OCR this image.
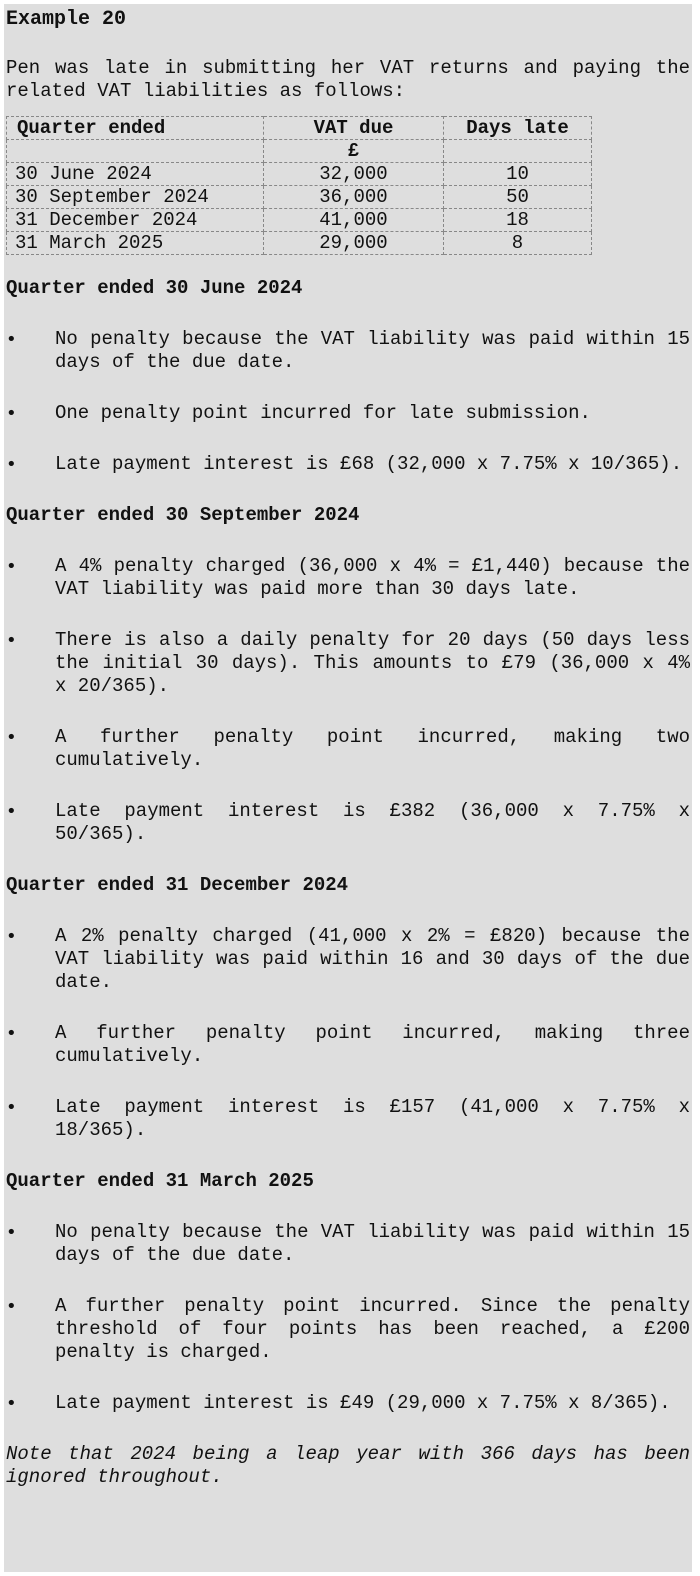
Example 20
Pen was late in submitting her VAT returns and paying the related VAT liabilities as follows:
Quarter ended	VAT due	Days late
	£	
30 June 2024	32,000	10
30 September 2024	36,000	50
31 December 2024	41,000	18
31 March 2025	29,000	8
Quarter ended 30 June 2024
• No penalty because the VAT liability was paid within 15 days of the due date.
• One penalty point incurred for late submission.
• Late payment interest is £68 (32,000 x 7.75% x 10/365).
Quarter ended 30 September 2024
• A 4% penalty charged (36,000 x 4% = £1,440) because the VAT liability was paid more than 30 days late.
• There is also a daily penalty for 20 days (50 days less the initial 30 days). This amounts to £79 (36,000 x 4% x 20/365).
• A further penalty point incurred, making two cumulatively.
• Late payment interest is £382 (36,000 x 7.75% x 50/365).
Quarter ended 31 December 2024
• A 2% penalty charged (41,000 x 2% = £820) because the VAT liability was paid within 16 and 30 days of the due date.
• A further penalty point incurred, making three cumulatively.
• Late payment interest is £157 (41,000 x 7.75% x 18/365).
Quarter ended 31 March 2025
• No penalty because the VAT liability was paid within 15 days of the due date.
• A further penalty point incurred. Since the penalty threshold of four points has been reached, a £200 penalty is charged.
• Late payment interest is £49 (29,000 x 7.75% x 8/365).
Note that 2024 being a leap year with 366 days has been ignored throughout.
